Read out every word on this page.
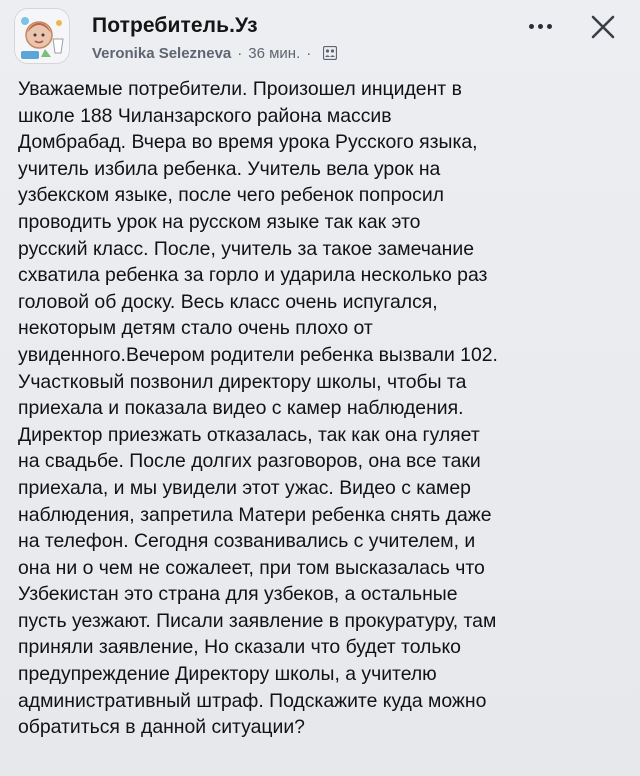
Потребитель.Уз
Veronika Selezneva · 36 мин. ·
Уважаемые потребители. Произошел инцидент в
школе 188 Чиланзарского района массив
Домбрабад. Вчера во время урока Русского языка,
учитель избила ребенка. Учитель вела урок на
узбекском языке, после чего ребенок попросил
проводить урок на русском языке так как это
русский класс. После, учитель за такое замечание
схватила ребенка за горло и ударила несколько раз
головой об доску. Весь класс очень испугался,
некоторым детям стало очень плохо от
увиденного.Вечером родители ребенка вызвали 102.
Участковый позвонил директору школы, чтобы та
приехала и показала видео с камер наблюдения.
Директор приезжать отказалась, так как она гуляет
на свадьбе. После долгих разговоров, она все таки
приехала, и мы увидели этот ужас. Видео с камер
наблюдения, запретила Матери ребенка снять даже
на телефон. Сегодня созванивались с учителем, и
она ни о чем не сожалеет, при том высказалась что
Узбекистан это страна для узбеков, а остальные
пусть уезжают. Писали заявление в прокуратуру, там
приняли заявление, Но сказали что будет только
предупреждение Директору школы, а учителю
административный штраф. Подскажите куда можно
обратиться в данной ситуации?
